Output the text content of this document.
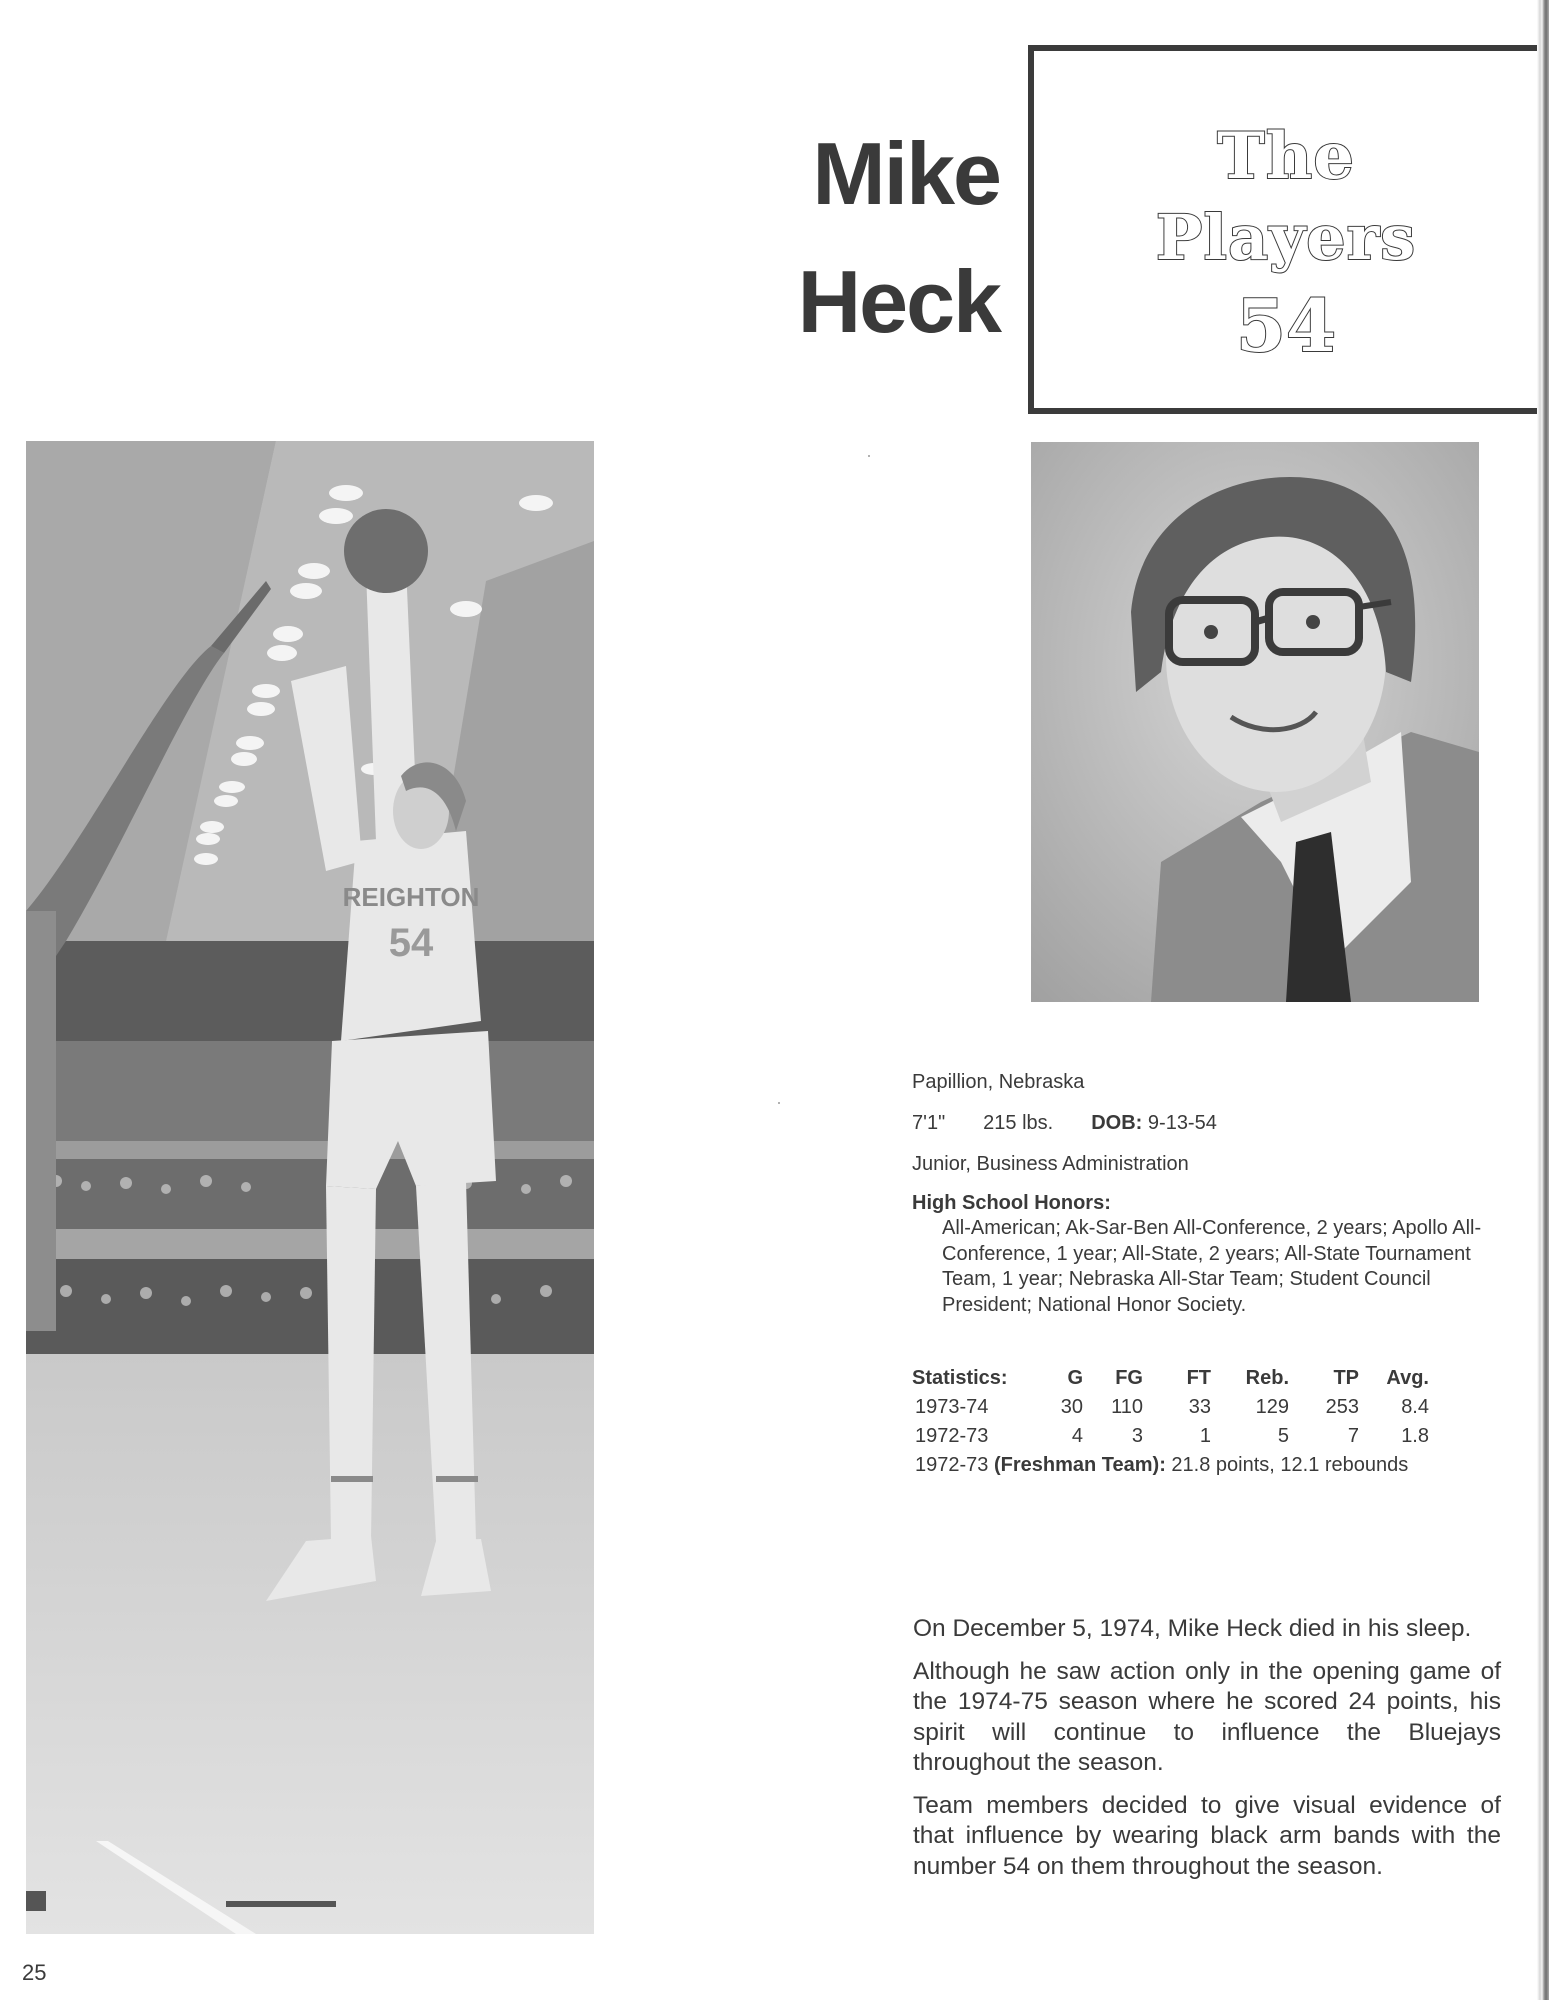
Mike
Heck
The
Players
54
REIGHTON
54
Papillion, Nebraska
7'1" 215 lbs. DOB: 9-13-54
Junior, Business Administration
High School Honors:
All-American; Ak-Sar-Ben All-Conference, 2 years; Apollo All-Conference, 1 year; All-State, 2 years; All-State Tournament Team, 1 year; Nebraska All-Star Team; Student Council President; National Honor Society.
Statistics:	G	FG	FT	Reb.	TP	Avg.
1973-74	30	110	33	129	253	8.4
1972-73	4	3	1	5	7	1.8
1972-73 (Freshman Team): 21.8 points, 12.1 rebounds

On December 5, 1974, Mike Heck died in his sleep.

Although he saw action only in the opening game of the 1974-75 season where he scored 24 points, his spirit will continue to influence the Bluejays throughout the season.

Team members decided to give visual evidence of that influence by wearing black arm bands with the number 54 on them throughout the season.

25
